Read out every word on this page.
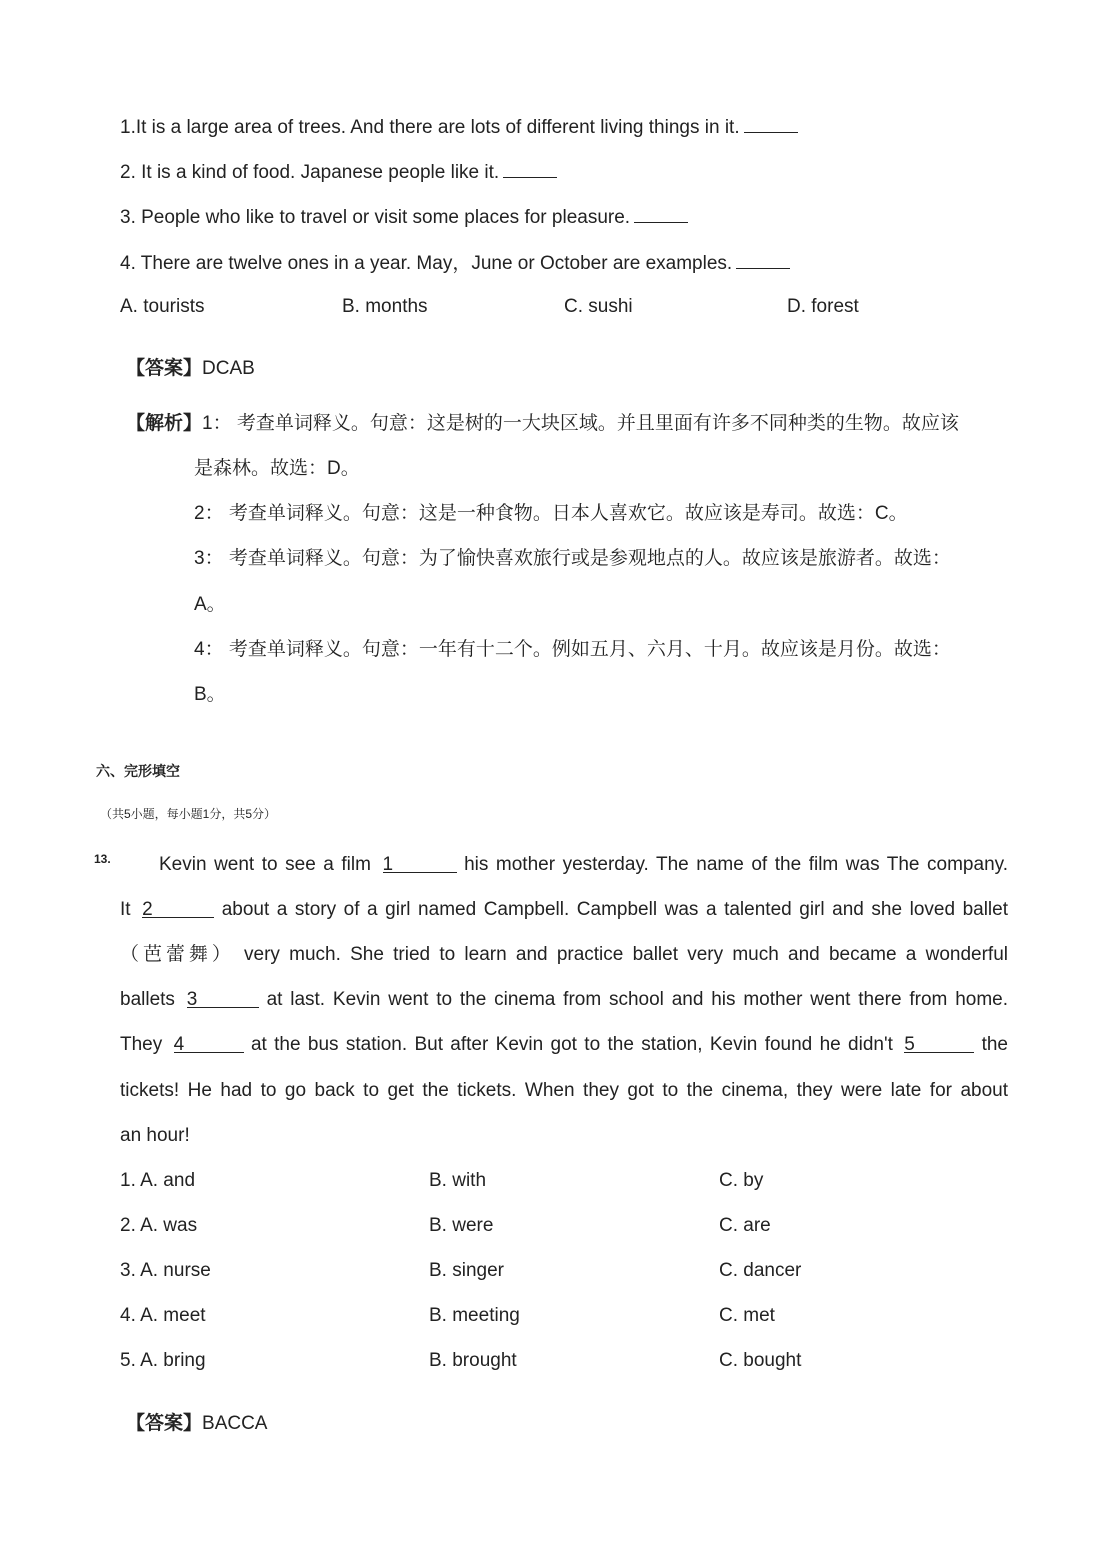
1.It is a large area of trees. And there are lots of different living things in it.
2. It is a kind of food. Japanese people like it.
3. People who like to travel or visit some places for pleasure.
4. There are twelve ones in a year. May，June or October are examples.
A. tourists	B. months	C. sushi	D. forest
【答案】DCAB
【解析】1： 考查单词释义。句意：这是树的一大块区域。并且里面有许多不同种类的生物。故应该
是森林。故选：D。
2： 考查单词释义。句意：这是一种食物。日本人喜欢它。故应该是寿司。故选：C。
3： 考查单词释义。句意：为了愉快喜欢旅行或是参观地点的人。故应该是旅游者。故选：
A。
4： 考查单词释义。句意：一年有十二个。例如五月、六月、十月。故应该是月份。故选：
B。
六、完形填空
（共5小题，每小题1分，共5分）
13.	Kevin went to see a film 1	his mother yesterday. The name of the film was The company.
It 2	about a story of a girl named Campbell. Campbell was a talented girl and she loved ballet
（芭蕾舞） very much. She tried to learn and practice ballet very much and became a wonderful
ballets 3	at last. Kevin went to the cinema from school and his mother went there from home.
They 4	at the bus station. But after Kevin got to the station, Kevin found he didn't 5	the
tickets! He had to go back to get the tickets. When they got to the cinema, they were late for about
an hour!
1. A. and	B. with	C. by
2. A. was	B. were	C. are
3. A. nurse	B. singer	C. dancer
4. A. meet	B. meeting	C. met
5. A. bring	B. brought	C. bought
【答案】BACCA
